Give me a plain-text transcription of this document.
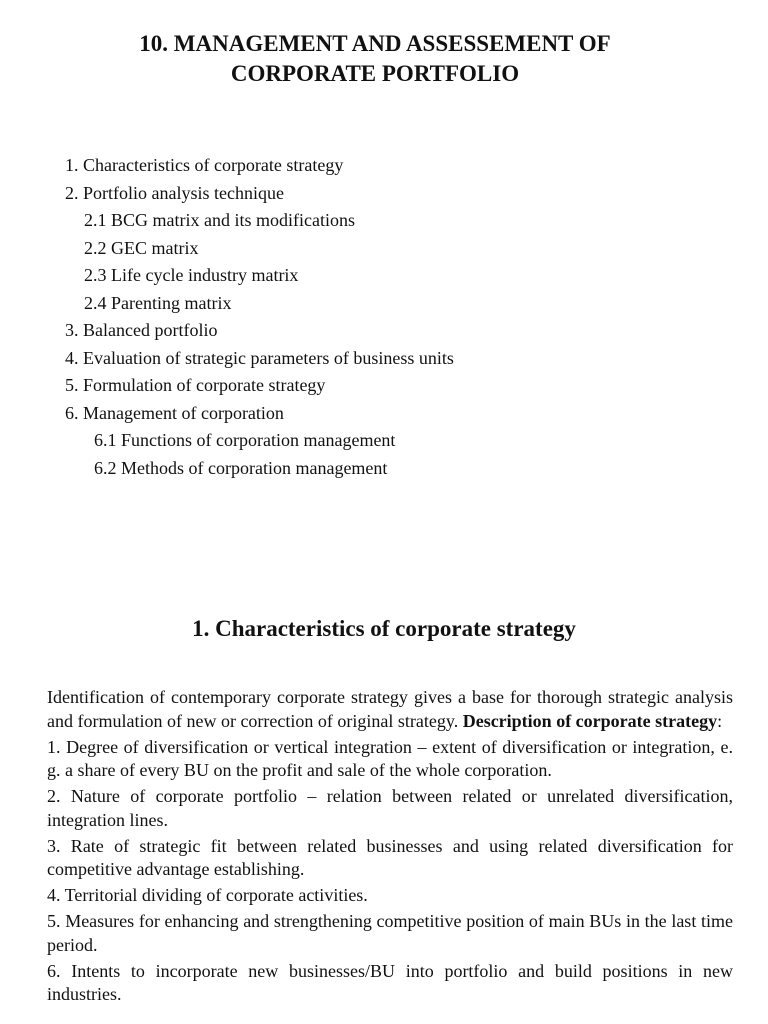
10. MANAGEMENT AND ASSESSEMENT OF
CORPORATE PORTFOLIO
1. Characteristics of corporate strategy
2. Portfolio analysis technique
2.1 BCG matrix and its modifications
2.2 GEC matrix
2.3 Life cycle industry matrix
2.4 Parenting matrix
3. Balanced portfolio
4. Evaluation of strategic parameters of business units
5. Formulation of corporate strategy
6. Management of corporation
6.1 Functions of corporation management
6.2 Methods of corporation management
1. Characteristics of corporate strategy

Identification of contemporary corporate strategy gives a base for thorough strategic analysis and formulation of new or correction of original strategy. Description of corporate strategy:

1. Degree of diversification or vertical integration – extent of diversification or integration, e. g. a share of every BU on the profit and sale of the whole corporation.

2. Nature of corporate portfolio – relation between related or unrelated diversification, integration lines.

3. Rate of strategic fit between related businesses and using related diversification for competitive advantage establishing.

4. Territorial dividing of corporate activities.

5. Measures for enhancing and strengthening competitive position of main BUs in the last time period.

6. Intents to incorporate new businesses/BU into portfolio and build positions in new industries.
